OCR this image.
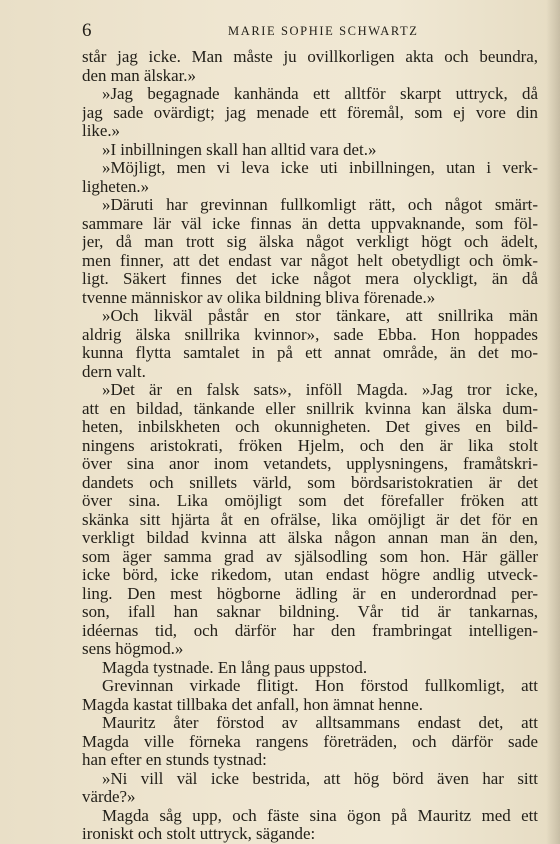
6	MARIE SOPHIE SCHWARTZ
står jag icke. Man måste ju ovillkorligen akta och beundra,
den man älskar.»
»Jag begagnade kanhända ett alltför skarpt uttryck, då
jag sade ovärdigt; jag menade ett föremål, som ej vore din
like.»
»I inbillningen skall han alltid vara det.»
»Möjligt, men vi leva icke uti inbillningen, utan i verk-
ligheten.»
»Däruti har grevinnan fullkomligt rätt, och något smärt-
sammare lär väl icke finnas än detta uppvaknande, som föl-
jer, då man trott sig älska något verkligt högt och ädelt,
men finner, att det endast var något helt obetydligt och ömk-
ligt. Säkert finnes det icke något mera olyckligt, än då
tvenne människor av olika bildning bliva förenade.»
»Och likväl påstår en stor tänkare, att snillrika män
aldrig älska snillrika kvinnor», sade Ebba. Hon hoppades
kunna flytta samtalet in på ett annat område, än det mo-
dern valt.
»Det är en falsk sats», inföll Magda. »Jag tror icke,
att en bildad, tänkande eller snillrik kvinna kan älska dum-
heten, inbilskheten och okunnigheten. Det gives en bild-
ningens aristokrati, fröken Hjelm, och den är lika stolt
över sina anor inom vetandets, upplysningens, framåtskri-
dandets och snillets värld, som bördsaristokratien är det
över sina. Lika omöjligt som det förefaller fröken att
skänka sitt hjärta åt en ofrälse, lika omöjligt är det för en
verkligt bildad kvinna att älska någon annan man än den,
som äger samma grad av själsodling som hon. Här gäller
icke börd, icke rikedom, utan endast högre andlig utveck-
ling. Den mest högborne ädling är en underordnad per-
son, ifall han saknar bildning. Vår tid är tankarnas,
idéernas tid, och därför har den frambringat intelligen-
sens högmod.»
Magda tystnade. En lång paus uppstod.
Grevinnan virkade flitigt. Hon förstod fullkomligt, att
Magda kastat tillbaka det anfall, hon ämnat henne.
Mauritz åter förstod av alltsammans endast det, att
Magda ville förneka rangens företräden, och därför sade
han efter en stunds tystnad:
»Ni vill väl icke bestrida, att hög börd även har sitt
värde?»
Magda såg upp, och fäste sina ögon på Mauritz med ett
ironiskt och stolt uttryck, sägande:
